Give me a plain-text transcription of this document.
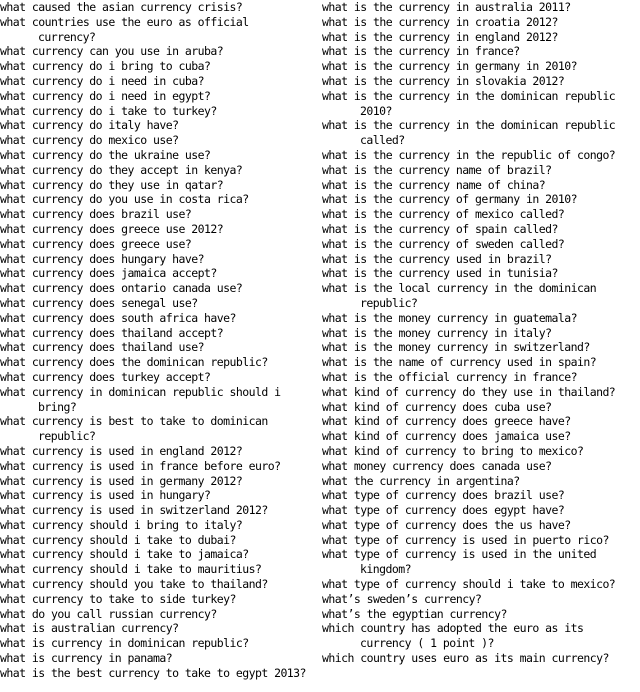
what caused the asian currency crisis?

what countries use the euro as official currency?

what currency can you use in aruba?

what currency do i bring to cuba?

what currency do i need in cuba?

what currency do i need in egypt?

what currency do i take to turkey?

what currency do italy have?

what currency do mexico use?

what currency do the ukraine use?

what currency do they accept in kenya?

what currency do they use in qatar?

what currency do you use in costa rica?

what currency does brazil use?

what currency does greece use 2012?

what currency does greece use?

what currency does hungary have?

what currency does jamaica accept?

what currency does ontario canada use?

what currency does senegal use?

what currency does south africa have?

what currency does thailand accept?

what currency does thailand use?

what currency does the dominican republic?

what currency does turkey accept?

what currency in dominican republic should i bring?

what currency is best to take to dominican republic?

what currency is used in england 2012?

what currency is used in france before euro?

what currency is used in germany 2012?

what currency is used in hungary?

what currency is used in switzerland 2012?

what currency should i bring to italy?

what currency should i take to dubai?

what currency should i take to jamaica?

what currency should i take to mauritius?

what currency should you take to thailand?

what currency to take to side turkey?

what do you call russian currency?

what is australian currency?

what is currency in dominican republic?

what is currency in panama?

what is the best currency to take to egypt 2013?

what is the currency in australia 2011?

what is the currency in croatia 2012?

what is the currency in england 2012?

what is the currency in france?

what is the currency in germany in 2010?

what is the currency in slovakia 2012?

what is the currency in the dominican republic 2010?

what is the currency in the dominican republic called?

what is the currency in the republic of congo?

what is the currency name of brazil?

what is the currency name of china?

what is the currency of germany in 2010?

what is the currency of mexico called?

what is the currency of spain called?

what is the currency of sweden called?

what is the currency used in brazil?

what is the currency used in tunisia?

what is the local currency in the dominican republic?

what is the money currency in guatemala?

what is the money currency in italy?

what is the money currency in switzerland?

what is the name of currency used in spain?

what is the official currency in france?

what kind of currency do they use in thailand?

what kind of currency does cuba use?

what kind of currency does greece have?

what kind of currency does jamaica use?

what kind of currency to bring to mexico?

what money currency does canada use?

what the currency in argentina?

what type of currency does brazil use?

what type of currency does egypt have?

what type of currency does the us have?

what type of currency is used in puerto rico?

what type of currency is used in the united kingdom?

what type of currency should i take to mexico?

what’s sweden’s currency?

what’s the egyptian currency?

which country has adopted the euro as its currency ( 1 point )?

which country uses euro as its main currency?
